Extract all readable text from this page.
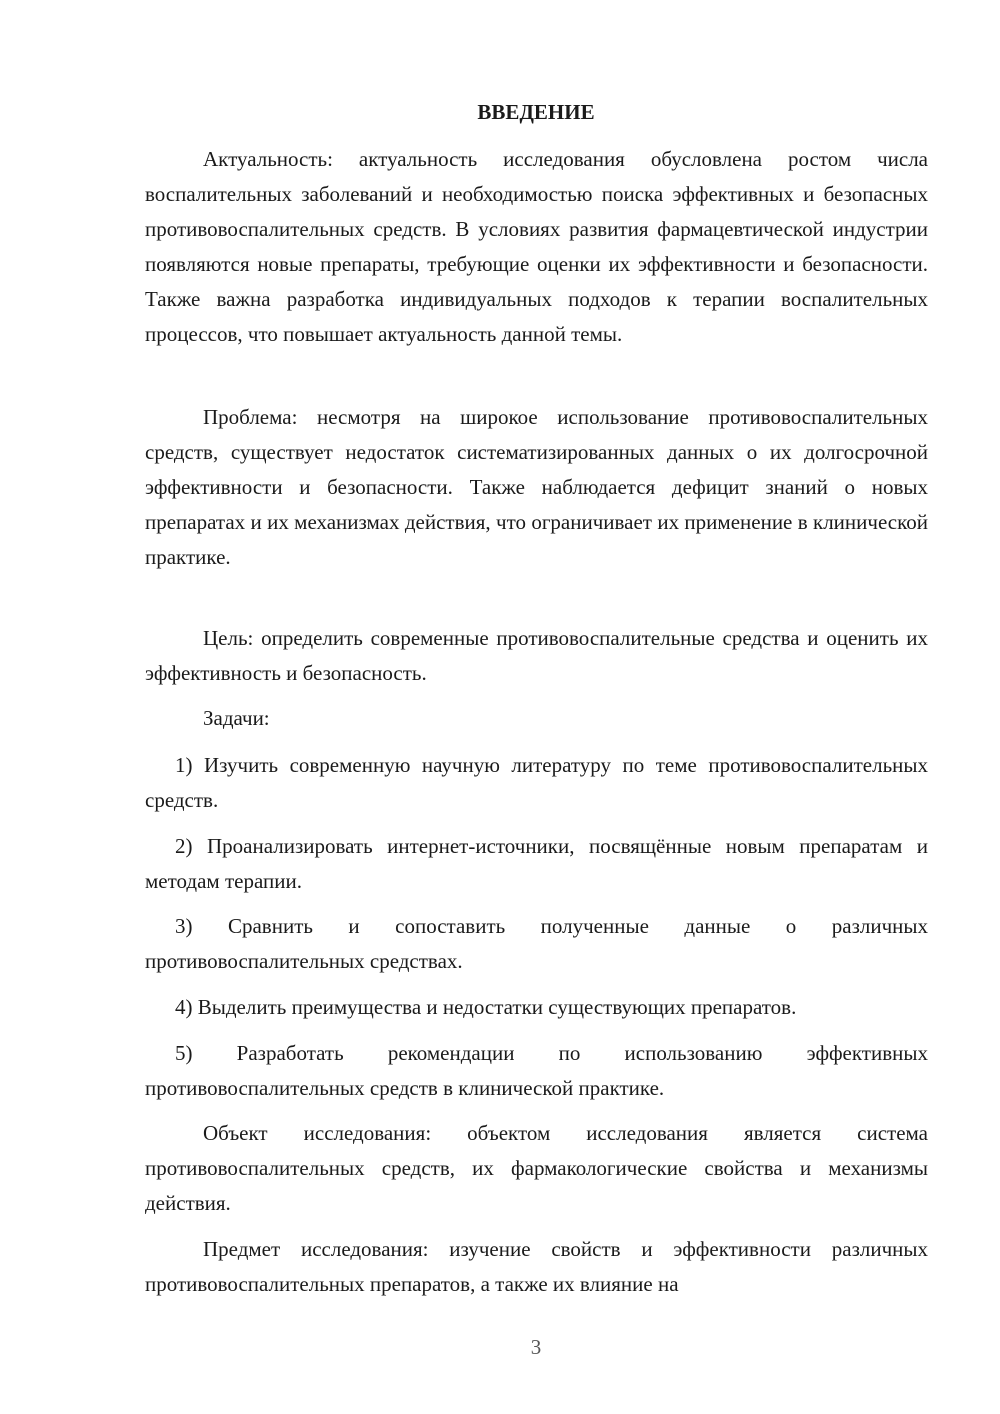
ВВЕДЕНИЕ

Актуальность: актуальность исследования обусловлена ростом числа воспалительных заболеваний и необходимостью поиска эффективных и безопасных противовоспалительных средств. В условиях развития фармацевтической индустрии появляются новые препараты, требующие оценки их эффективности и безопасности. Также важна разработка индивидуальных подходов к терапии воспалительных процессов, что повышает актуальность данной темы.

Проблема: несмотря на широкое использование противовоспалительных средств, существует недостаток систематизированных данных о их долгосрочной эффективности и безопасности. Также наблюдается дефицит знаний о новых препаратах и их механизмах действия, что ограничивает их применение в клинической практике.

Цель: определить современные противовоспалительные средства и оценить их эффективность и безопасность.

Задачи:

1) Изучить современную научную литературу по теме противовоспалительных средств.

2) Проанализировать интернет-источники, посвящённые новым препаратам и методам терапии.

3) Сравнить и сопоставить полученные данные о различных противовоспалительных средствах.

4) Выделить преимущества и недостатки существующих препаратов.

5) Разработать рекомендации по использованию эффективных противовоспалительных средств в клинической практике.

Объект исследования: объектом исследования является система противовоспалительных средств, их фармакологические свойства и механизмы действия.

Предмет исследования: изучение свойств и эффективности различных противовоспалительных препаратов, а также их влияние на

3
